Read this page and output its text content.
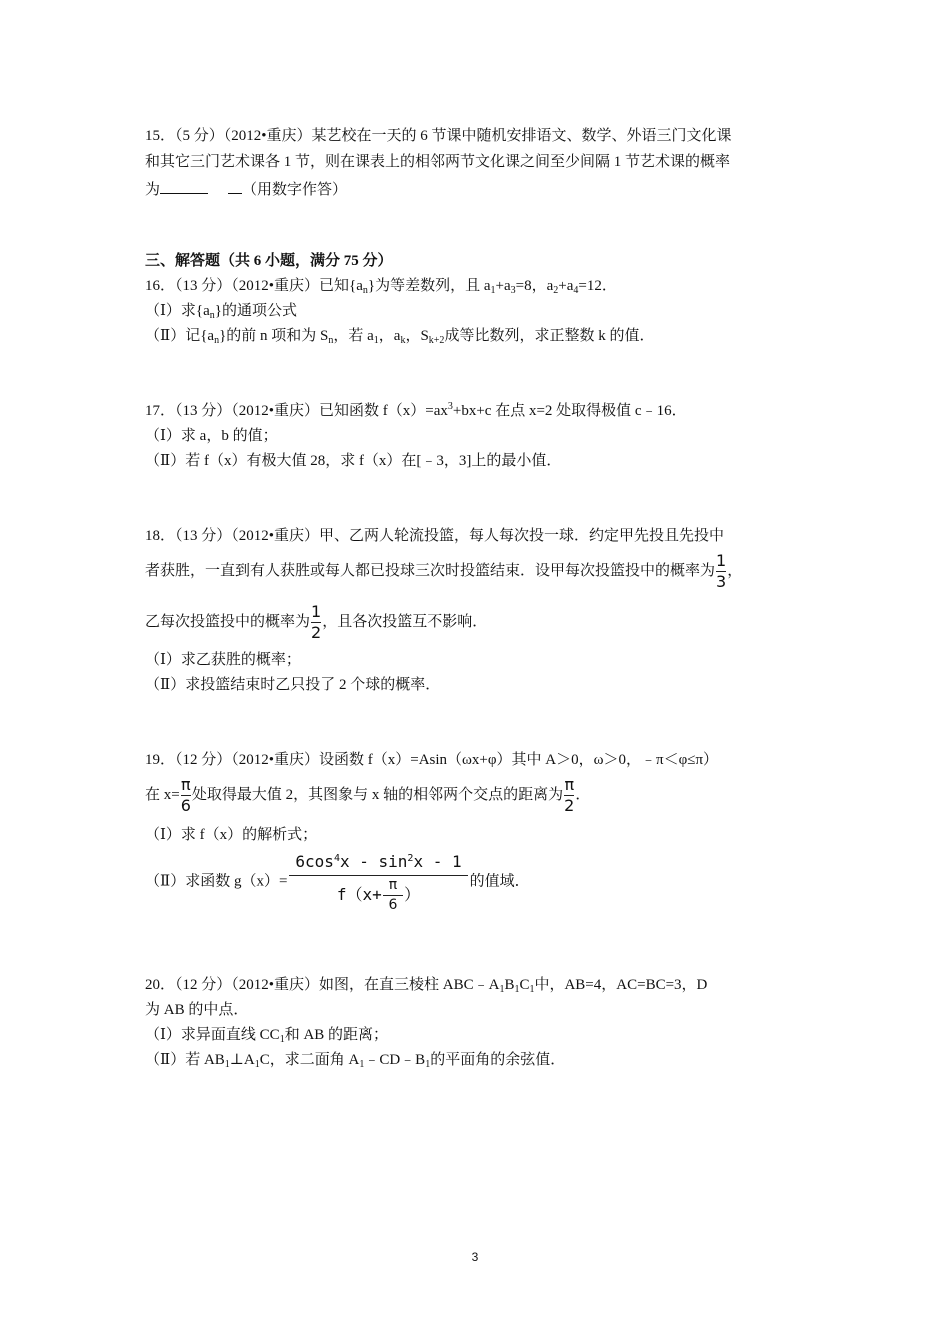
15．（5 分）（2012•重庆）某艺校在一天的 6 节课中随机安排语文、数学、外语三门文化课
和其它三门艺术课各 1 节，则在课表上的相邻两节文化课之间至少间隔 1 节艺术课的概率
为	（用数字作答）
三、解答题（共 6 小题，满分 75 分）
16．（13 分）（2012•重庆）已知$\{a_n\}$为等差数列，且 $a_1+a_3=8$，$a_2+a_4=12$．
（Ⅰ）求$\{a_n\}$的通项公式
（Ⅱ）记$\{a_n\}$的前 n 项和为 $S_n$，若 $a_1$，$a_k$，$S_{k+2}$成等比数列，求正整数 k 的值．
17．（13 分）（2012•重庆）已知函数 $f(x)=ax^3+bx+c$ 在点 x=2 处取得极值 c﹣16．
（Ⅰ）求 a，b 的值；
（Ⅱ）若 f（x）有极大值 28，求 f（x）在[﹣3，3]上的最小值．
18．（13 分）（2012•重庆）甲、乙两人轮流投篮，每人每次投一球．约定甲先投且先投中
者获胜，一直到有人获胜或每人都已投球三次时投篮结束．设甲每次投篮投中的概率为 $\frac{1}{3}$ ，
乙每次投篮投中的概率为 $\frac{1}{2}$ ，且各次投篮互不影响．
（Ⅰ）求乙获胜的概率；
（Ⅱ）求投篮结束时乙只投了 2 个球的概率．
19．（12 分）（2012•重庆）设函数 f（x）=Asin（ωx+φ）其中 A＞0，ω＞0，﹣π＜φ≤π）
在 $x= \frac{\pi}{6}$ 处取得最大值 2，其图象与 x 轴的相邻两个交点的距离为 $\frac{\pi}{2}$ ．
（Ⅰ）求 f（x）的解析式；
（Ⅱ）求函数 $g(x)= \frac{6\cos^4x - \sin^2x - 1}{f(x+ \frac{\pi}{6} )}$ 的值域．
20．（12 分）（2012•重庆）如图，在直三棱柱 $ABC﹣A_1B_1C_1$中，AB=4，AC=BC=3，D
为 AB 的中点．
（Ⅰ）求异面直线 $CC_1$和 AB 的距离；
（Ⅱ）若 $AB_1\perp A_1C$，求二面角 $A_1﹣CD﹣B_1$的平面角的余弦值．
3
